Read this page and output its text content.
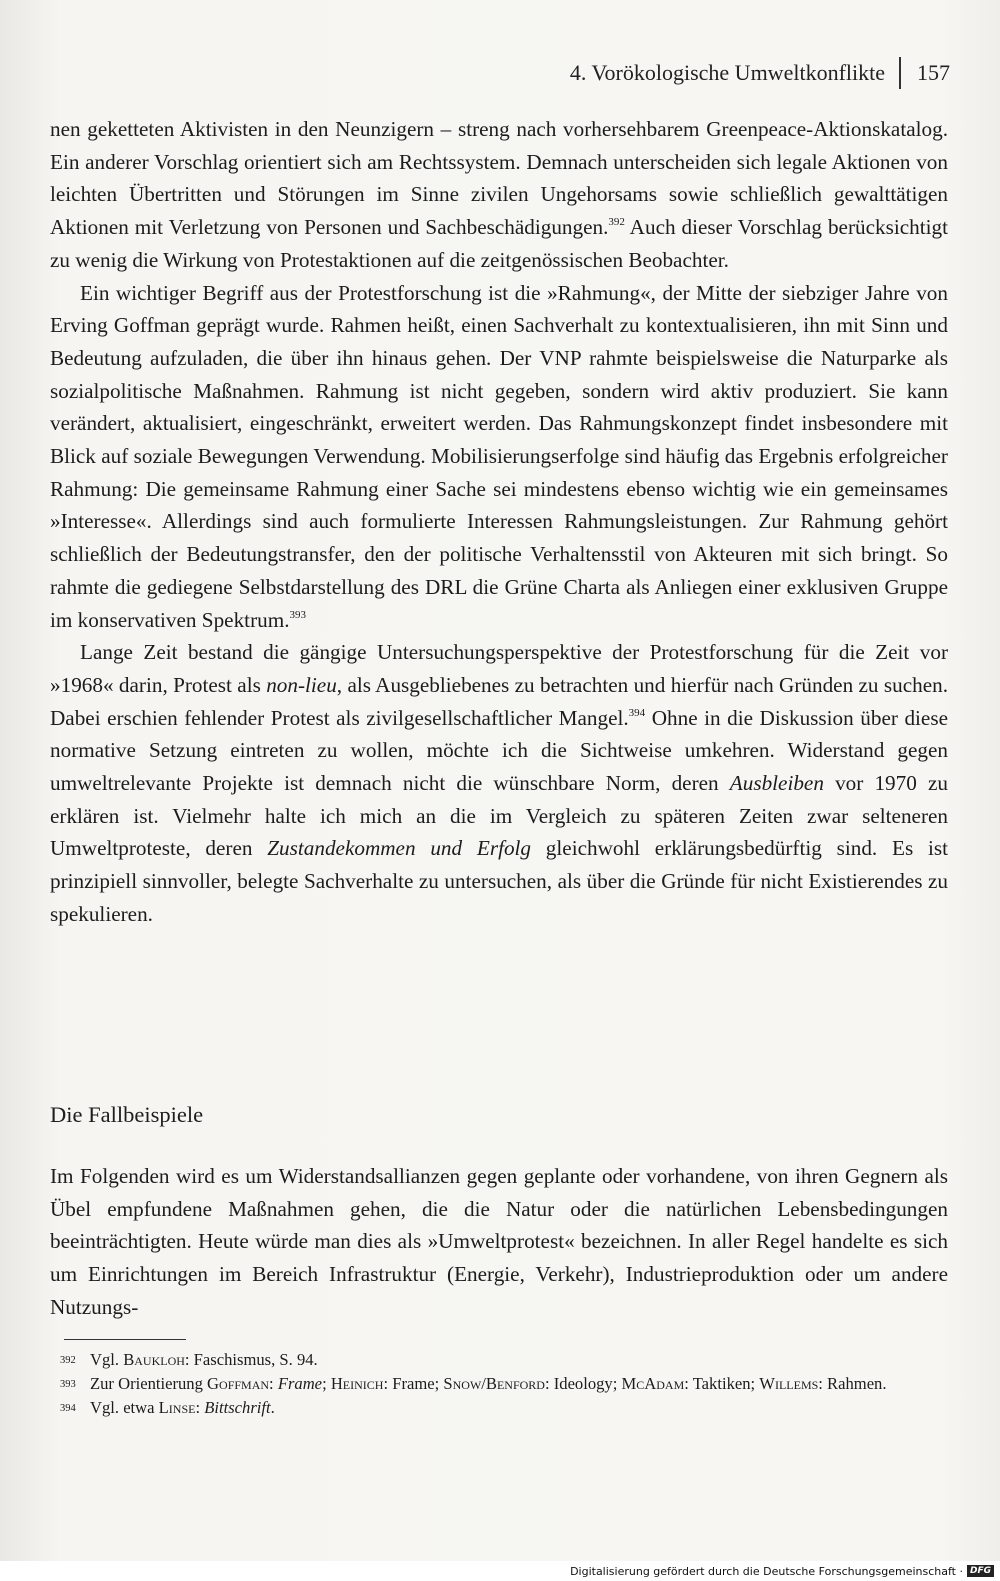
4. Vorökologische Umweltkonflikte 157

nen geketteten Aktivisten in den Neunzigern – streng nach vorhersehbarem Greenpeace-Aktionskatalog. Ein anderer Vorschlag orientiert sich am Rechtssystem. Demnach unterscheiden sich legale Aktionen von leichten Übertritten und Störungen im Sinne zivilen Ungehorsams sowie schließlich gewalttätigen Aktionen mit Verletzung von Personen und Sachbeschädigungen.$^{392}$ Auch dieser Vorschlag berücksichtigt zu wenig die Wirkung von Protestaktionen auf die zeitgenössischen Beobachter.

Ein wichtiger Begriff aus der Protestforschung ist die »Rahmung«, der Mitte der siebziger Jahre von Erving Goffman geprägt wurde. Rahmen heißt, einen Sachverhalt zu kontextualisieren, ihn mit Sinn und Bedeutung aufzuladen, die über ihn hinaus gehen. Der VNP rahmte beispielsweise die Naturparke als sozialpolitische Maßnahmen. Rahmung ist nicht gegeben, sondern wird aktiv produziert. Sie kann verändert, aktualisiert, eingeschränkt, erweitert werden. Das Rahmungskonzept findet insbesondere mit Blick auf soziale Bewegungen Verwendung. Mobilisierungserfolge sind häufig das Ergebnis erfolgreicher Rahmung: Die gemeinsame Rahmung einer Sache sei mindestens ebenso wichtig wie ein gemeinsames »Interesse«. Allerdings sind auch formulierte Interessen Rahmungsleistungen. Zur Rahmung gehört schließlich der Bedeutungstransfer, den der politische Verhaltensstil von Akteuren mit sich bringt. So rahmte die gediegene Selbstdarstellung des DRL die Grüne Charta als Anliegen einer exklusiven Gruppe im konservativen Spektrum.$^{393}$

Lange Zeit bestand die gängige Untersuchungsperspektive der Protestforschung für die Zeit vor »1968« darin, Protest als non-lieu, als Ausgebliebenes zu betrachten und hierfür nach Gründen zu suchen. Dabei erschien fehlender Protest als zivilgesellschaftlicher Mangel.$^{394}$ Ohne in die Diskussion über diese normative Setzung eintreten zu wollen, möchte ich die Sichtweise umkehren. Widerstand gegen umweltrelevante Projekte ist demnach nicht die wünschbare Norm, deren Ausbleiben vor 1970 zu erklären ist. Vielmehr halte ich mich an die im Vergleich zu späteren Zeiten zwar selteneren Umweltproteste, deren Zustandekommen und Erfolg gleichwohl erklärungsbedürftig sind. Es ist prinzipiell sinnvoller, belegte Sachverhalte zu untersuchen, als über die Gründe für nicht Existierendes zu spekulieren.

Die Fallbeispiele
Im Folgenden wird es um Widerstandsallianzen gegen geplante oder vorhandene, von ihren Gegnern als Übel empfundene Maßnahmen gehen, die die Natur oder die natürlichen Lebensbedingungen beeinträchtigten. Heute würde man dies als »Umweltprotest« bezeichnen. In aller Regel handelte es sich um Einrichtungen im Bereich Infrastruktur (Energie, Verkehr), Industrieproduktion oder um andere Nutzungs-
392 Vgl. Baukloh: Faschismus, S. 94.
393 Zur Orientierung Goffman: Frame; Heinich: Frame; Snow/Benford: Ideology; McAdam: Taktiken; Willems: Rahmen.
394 Vgl. etwa Linse: Bittschrift.
Digitalisierung gefördert durch die Deutsche Forschungsgemeinschaft · DFG
